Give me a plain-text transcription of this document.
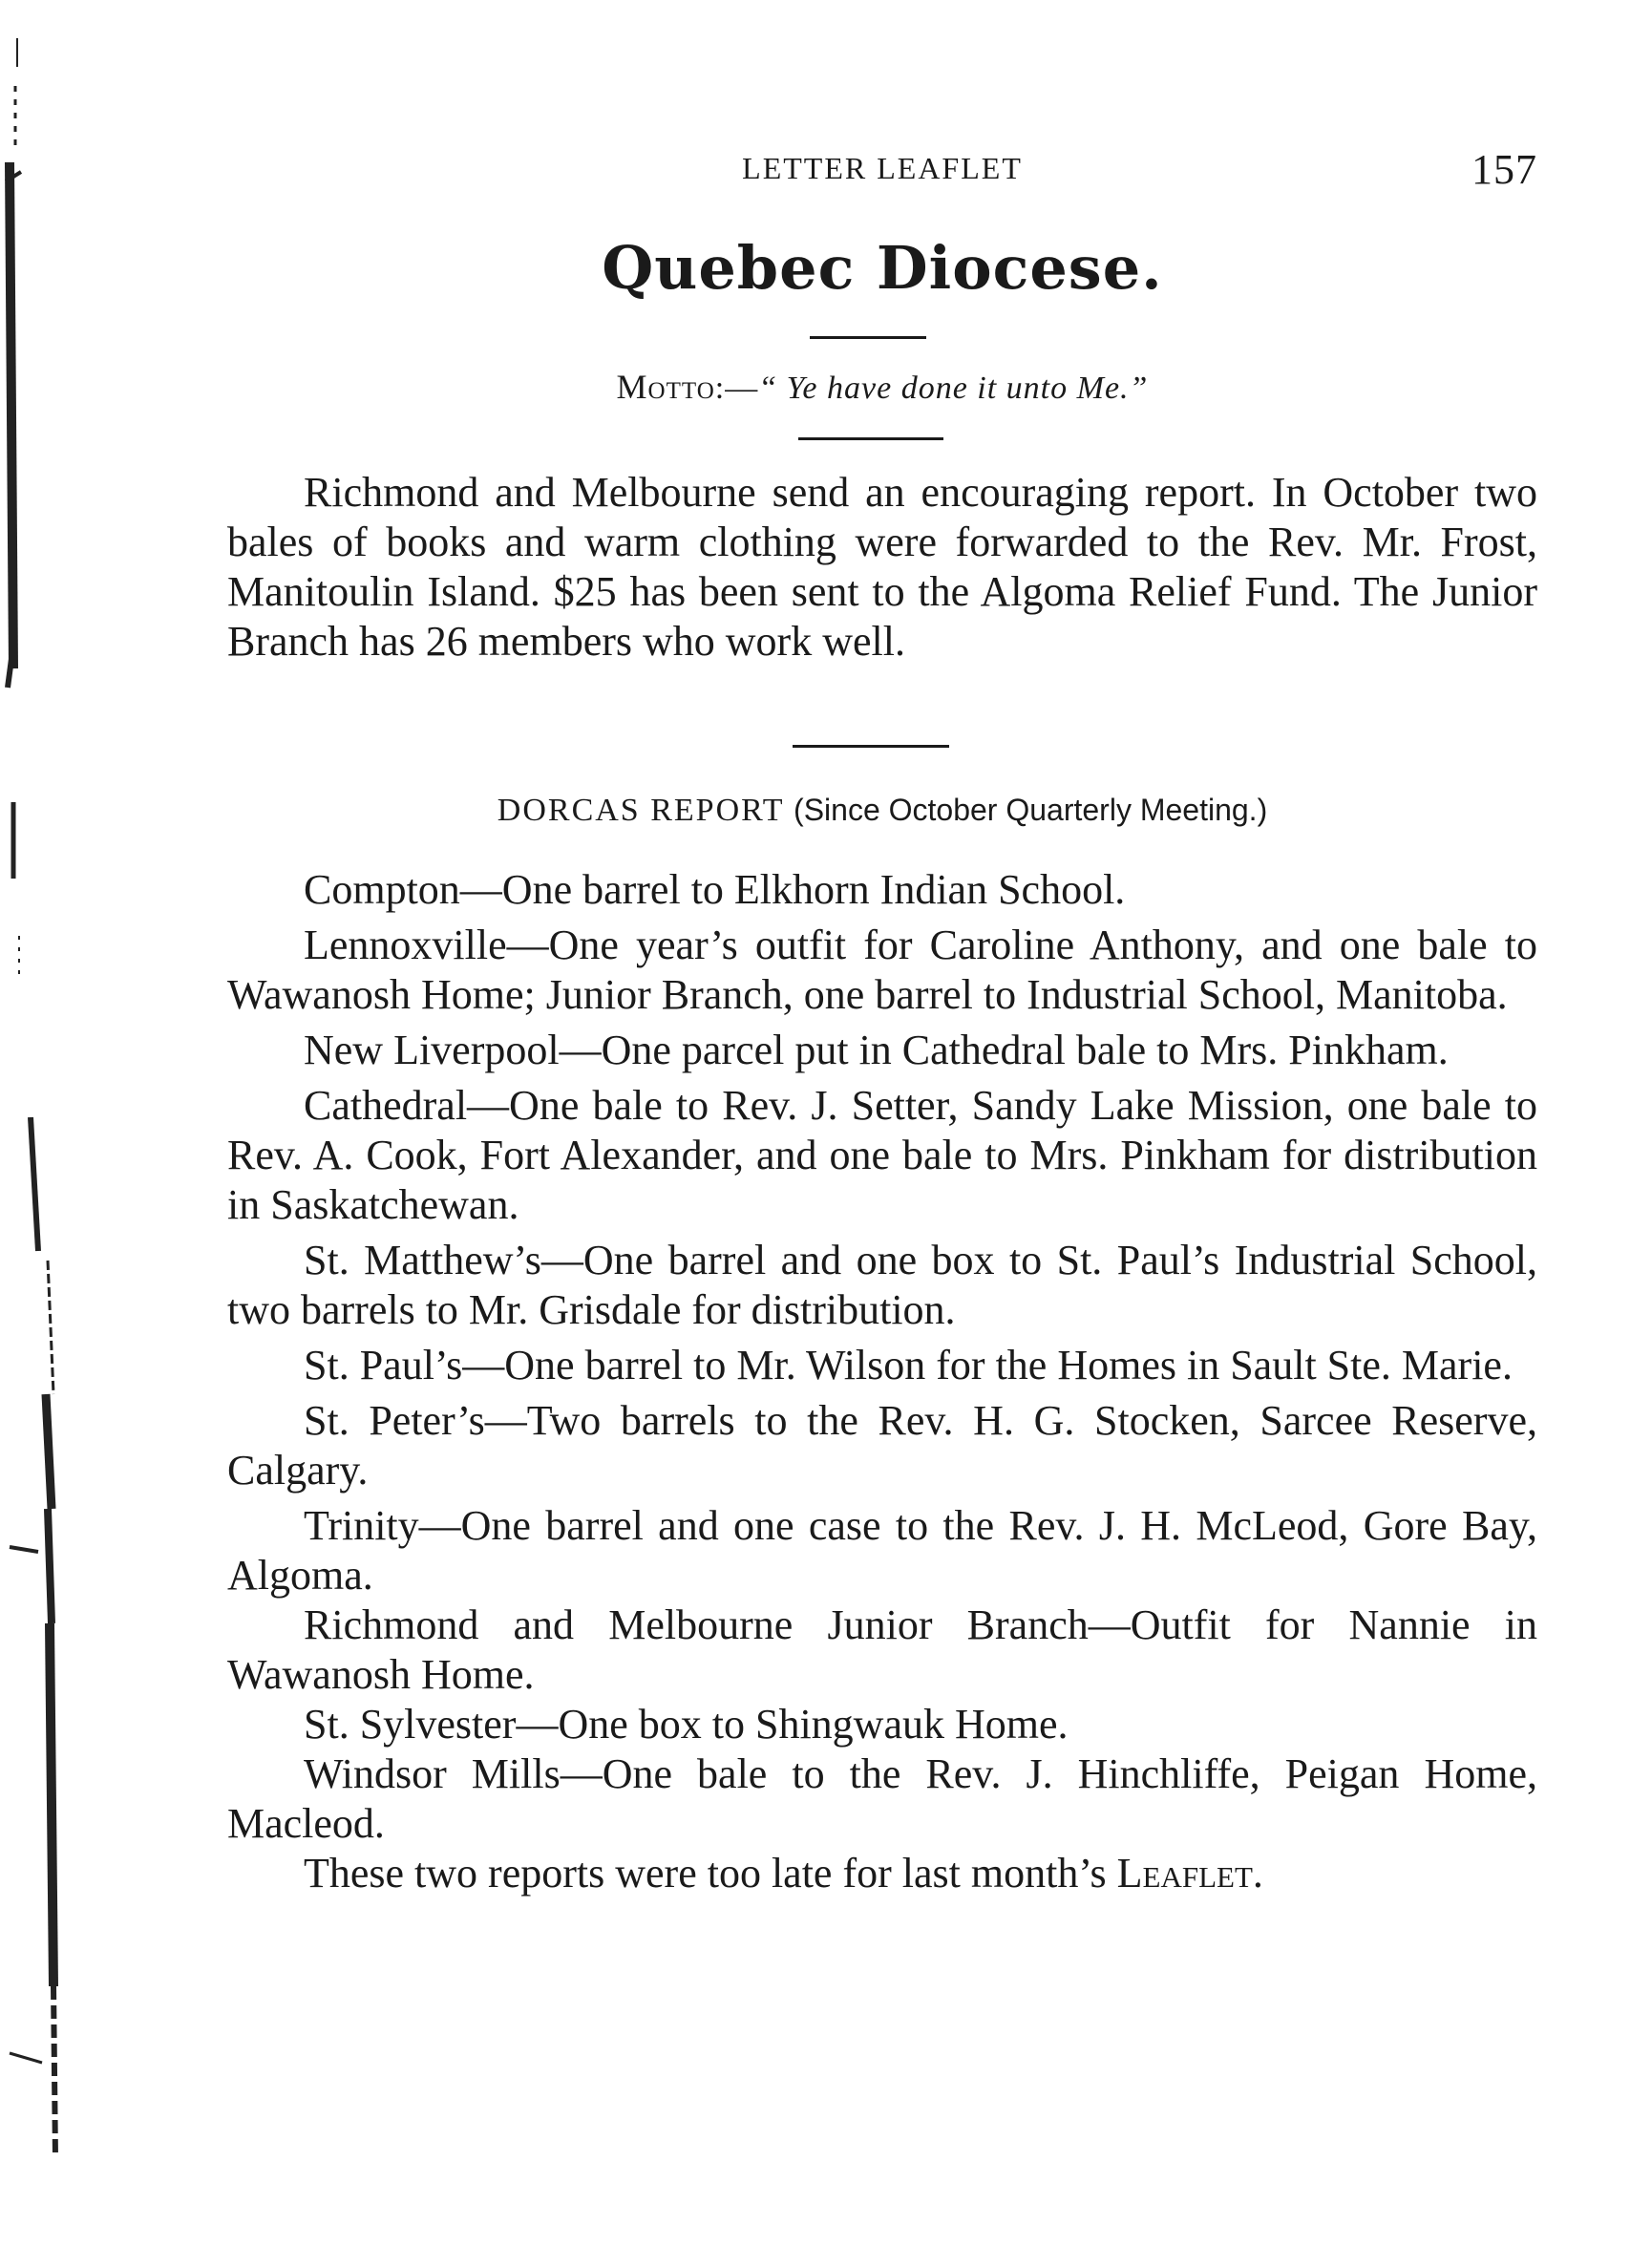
LETTER LEAFLET	157
Quebec Diocese.
Motto:—“ Ye have done it unto Me.”

Richmond and Melbourne send an encouraging report. In October two bales of books and warm clothing were forwarded to the Rev. Mr. Frost, Manitoulin Island. $25 has been sent to the Algoma Relief Fund. The Junior Branch has 26 members who work well.

DORCAS REPORT (Since October Quarterly Meeting.)

Compton—One barrel to Elkhorn Indian School.

Lennoxville—One year’s outfit for Caroline Anthony, and one bale to Wawanosh Home; Junior Branch, one barrel to Industrial School, Manitoba.

New Liverpool—One parcel put in Cathedral bale to Mrs. Pinkham.

Cathedral—One bale to Rev. J. Setter, Sandy Lake Mission, one bale to Rev. A. Cook, Fort Alexander, and one bale to Mrs. Pinkham for distribution in Saskatchewan.

St. Matthew’s—One barrel and one box to St. Paul’s Industrial School, two barrels to Mr. Grisdale for distribution.

St. Paul’s—One barrel to Mr. Wilson for the Homes in Sault Ste. Marie.

St. Peter’s—Two barrels to the Rev. H. G. Stocken, Sarcee Reserve, Calgary.

Trinity—One barrel and one case to the Rev. J. H. McLeod, Gore Bay, Algoma.

Richmond and Melbourne Junior Branch—Outfit for Nannie in Wawanosh Home.

St. Sylvester—One box to Shingwauk Home.

Windsor Mills—One bale to the Rev. J. Hinchliffe, Peigan Home, Macleod.

These two reports were too late for last month’s Leaflet.
